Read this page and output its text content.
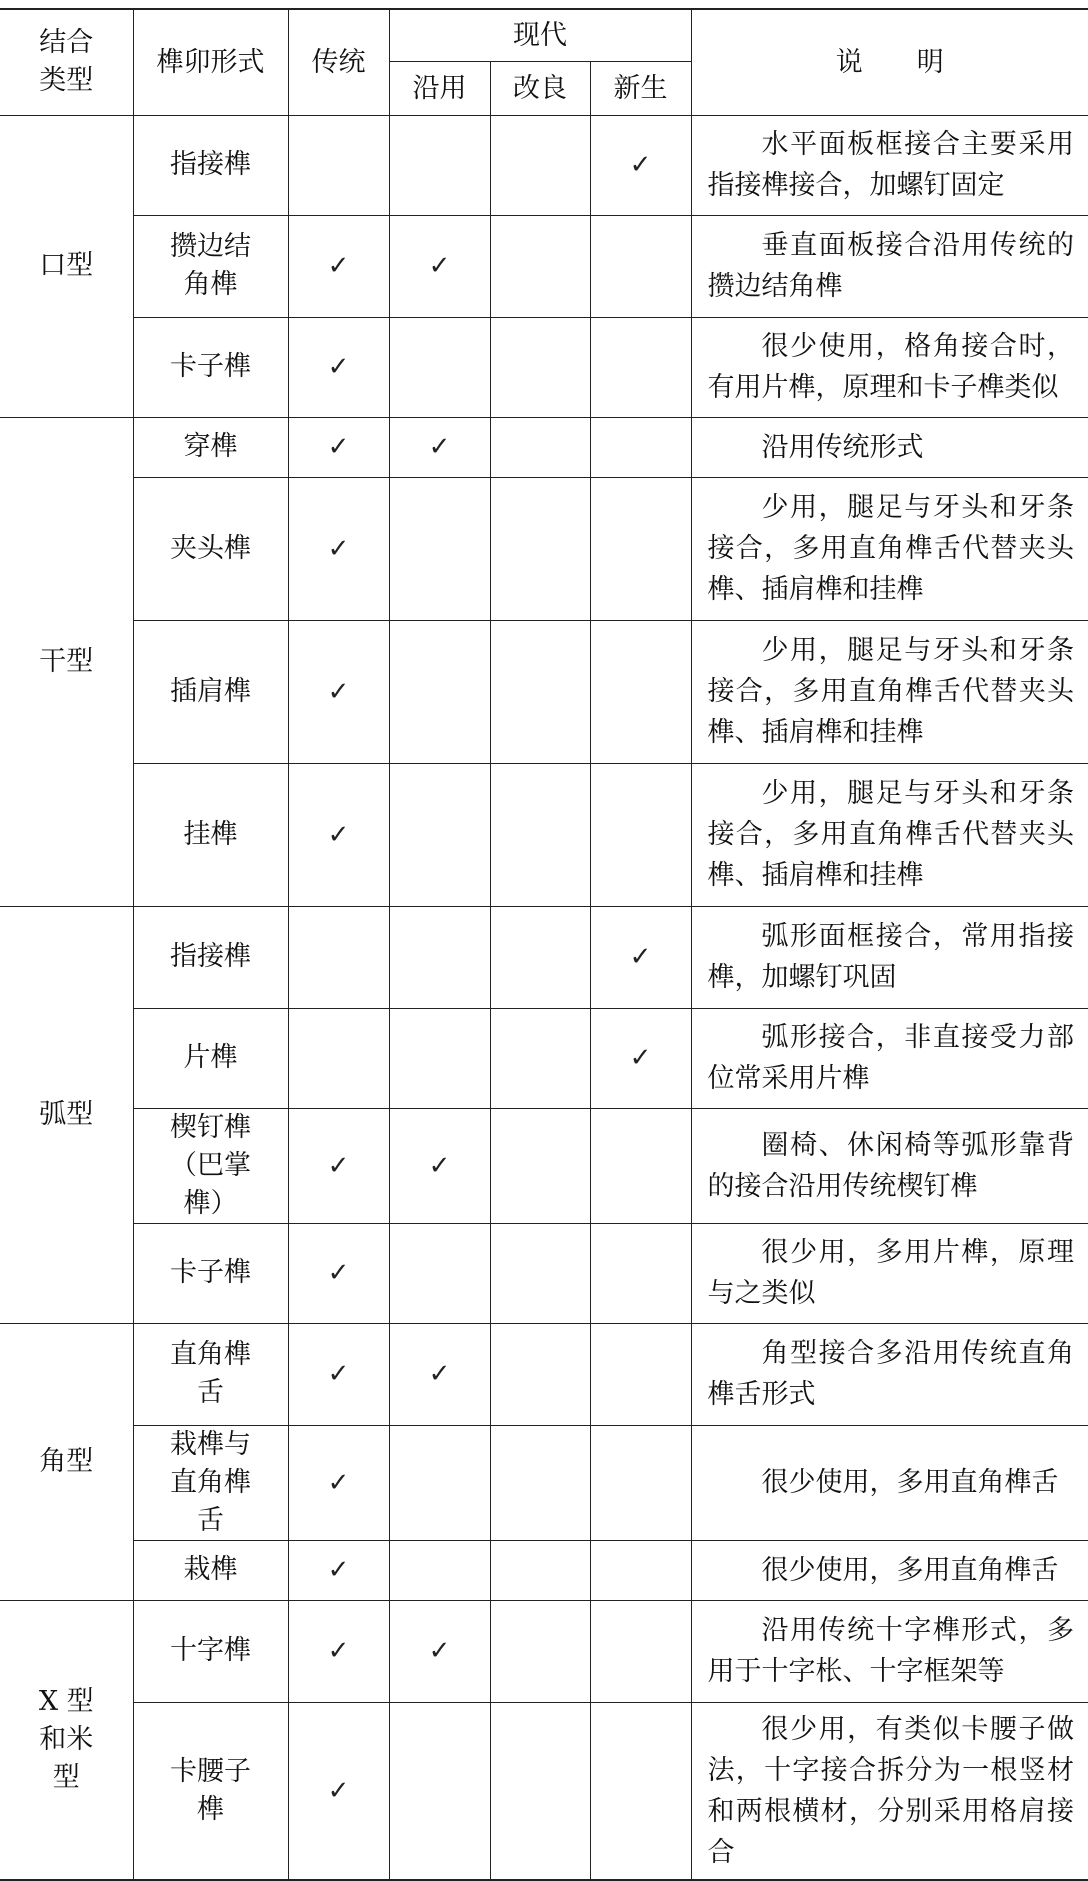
结合类型	榫卯形式	传统	现代			说　　明
			沿用	改良	新生	

口型	指接榫				✓	水平面板框接合主要采用指接榫接合，加螺钉固定

	攒边结角榫	✓	✓			垂直面板接合沿用传统的攒边结角榫

	卡子榫	✓				很少使用，格角接合时，有用片榫，原理和卡子榫类似

干型	穿榫	✓	✓			沿用传统形式

	夹头榫	✓				少用，腿足与牙头和牙条接合，多用直角榫舌代替夹头榫、插肩榫和挂榫

	插肩榫	✓				少用，腿足与牙头和牙条接合，多用直角榫舌代替夹头榫、插肩榫和挂榫

	挂榫	✓				少用，腿足与牙头和牙条接合，多用直角榫舌代替夹头榫、插肩榫和挂榫

弧型	指接榫				✓	弧形面框接合，常用指接榫，加螺钉巩固

	片榫				✓	弧形接合，非直接受力部位常采用片榫

	楔钉榫（巴掌榫）	✓	✓			圈椅、休闲椅等弧形靠背的接合沿用传统楔钉榫

	卡子榫	✓				很少用，多用片榫，原理与之类似

角型	直角榫舌	✓	✓			角型接合多沿用传统直角榫舌形式

	栽榫与直角榫舌	✓				很少使用，多用直角榫舌

	栽榫	✓				很少使用，多用直角榫舌

X 型和米型	十字榫	✓	✓			沿用传统十字榫形式，多用于十字枨、十字框架等

	卡腰子榫	✓				很少用，有类似卡腰子做法，十字接合拆分为一根竖材和两根横材，分别采用格肩接合
